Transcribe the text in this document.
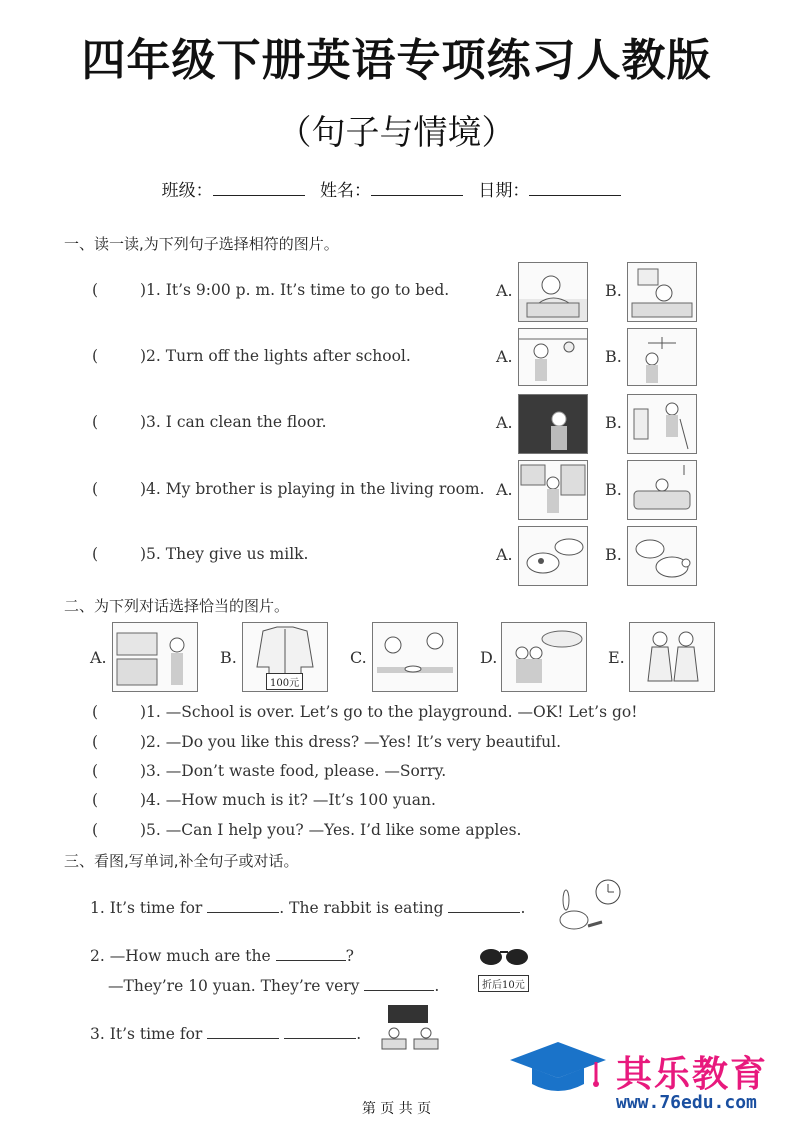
四年级下册英语专项练习人教版
（句子与情境）
班级：	姓名：	日期：
一、读一读,为下列句子选择相符的图片。
(	)1. It’s 9:00 p. m. It’s time to go to bed.	A.	B.
(	)2. Turn off the lights after school.	A.	B.
(	)3. I can clean the floor.	A.	B.
(	)4. My brother is playing in the living room. A.	B.
(	)5. They give us milk.	A.	B.
二、为下列对话选择恰当的图片。
A.	B.
100元
C.	D.	E.
(	)1. —School is over. Let’s go to the playground. —OK! Let’s go!
(	)2. —Do you like this dress? —Yes! It’s very beautiful.
(	)3. —Don’t waste food, please. —Sorry.
(	)4. —How much is it? —It’s 100 yuan.
(	)5. —Can I help you? —Yes. I’d like some apples.
三、看图,写单词,补全句子或对话。
1. It’s time for	. The rabbit is eating	.
2. —How much are the	?
—They’re 10 yuan. They’re very	.	折后10元
3. It’s time for	.
其乐教育
www.76edu.com
第 页 共 页
